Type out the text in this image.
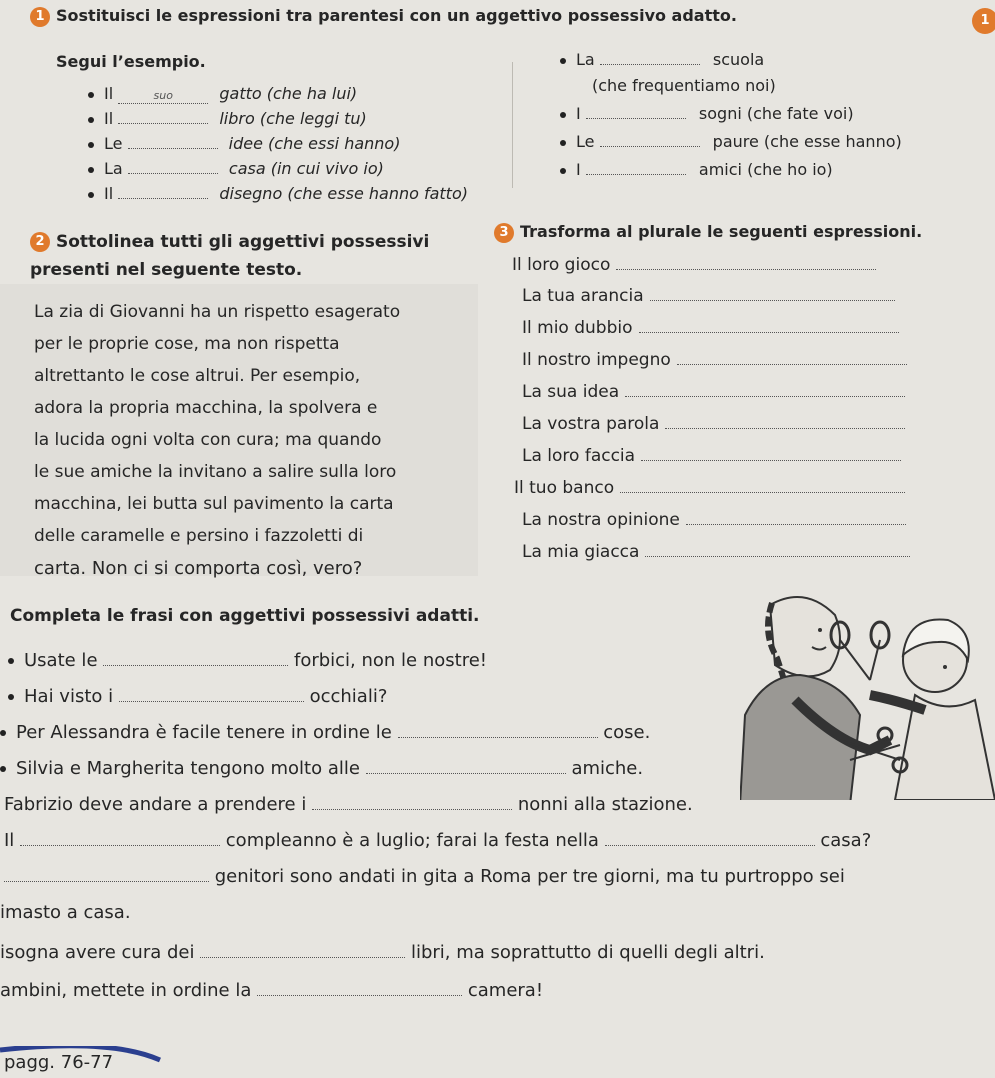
1
1 Sostituisci le espressioni tra parentesi con un aggettivo possessivo adatto.
Segui l’esempio.
Il	suo	gatto (che ha lui)
Il	libro (che leggi tu)
Le	idee (che essi hanno)
La	casa (in cui vivo io)
Il	disegno (che esse hanno fatto)
La	scuola
(che frequentiamo noi)
I	sogni (che fate voi)
Le	paure (che esse hanno)
I	amici (che ho io)
2 Sottolinea tutti gli aggettivi possessivi
presenti nel seguente testo.
La zia di Giovanni ha un rispetto esagerato
per le proprie cose, ma non rispetta
altrettanto le cose altrui. Per esempio,
adora la propria macchina, la spolvera e
la lucida ogni volta con cura; ma quando
le sue amiche la invitano a salire sulla loro
macchina, lei butta sul pavimento la carta
delle caramelle e persino i fazzoletti di
carta. Non ci si comporta così, vero?
3 Trasforma al plurale le seguenti espressioni.
Il loro gioco
La tua arancia
Il mio dubbio
Il nostro impegno
La sua idea
La vostra parola
La loro faccia
Il tuo banco
La nostra opinione
La mia giacca
Completa le frasi con aggettivi possessivi adatti.
Usate le	forbici, non le nostre!
Hai visto i	occhiali?
Per Alessandra è facile tenere in ordine le	cose.
Silvia e Margherita tengono molto alle	amiche.
Fabrizio deve andare a prendere i	nonni alla stazione.
Il	compleanno è a luglio; farai la festa nella	casa?
genitori sono andati in gita a Roma per tre giorni, ma tu purtroppo sei
imasto a casa.
isogna avere cura dei	libri, ma soprattutto di quelli degli altri.
ambini, mettete in ordine la	camera!
pagg. 76-77
